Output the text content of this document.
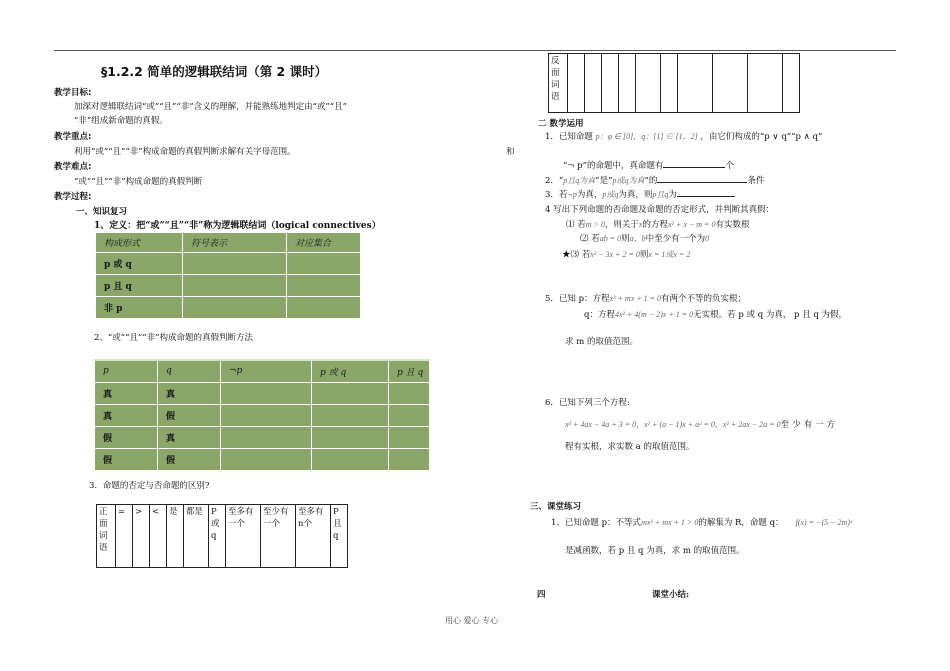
§1.2.2 简单的逻辑联结词（第 2 课时）
教学目标:
加深对逻辑联结词“或”“且”“非”含义的理解，并能熟练地判定由“或”“且”
“非”组成新命题的真假。
教学重点:
利用“或”“且”“非”构成命题的真假判断求解有关字母范围。	和
教学难点:
“或”“且”“非”构成命题的真假判断
教学过程:
一、知识复习
1、定义：把“或”“且”“非”称为逻辑联结词（logical connectives）
构成形式	符号表示	对应集合
p 或 q		
p 且 q		
非 p		
2、“或”“且”“非”构成命题的真假判断方法
p	q	¬p	p 或 q	p 且 q
真	真			
真	假			
假	真			
假	假			
3．命题的否定与否命题的区别?
正面词语	=	>	<	是	都是	P或q	至多有一个	至少有一个	至多有n个	P且q
反面词语										
二 数学运用
1．已知命题 p：φ ∈ [0]，q：[1] ∈ [1，2] ，由它们构成的“p ∨ q”“p ∧ q”
“¬ p”的命题中，真命题有	个
2．“p且q为真”是“p或q为真”的	条件
3．若¬p为真，p或q为真，则p且q为
4 写出下列命题的否命题及命题的否定形式，并判断其真假：
⑴ 若m > 0，则关于x的方程x² + x − m = 0有实数根
⑵ 若ab = 0则a、b中至少有一个为0
★⑶ 若x² − 3x + 2 = 0则x = 1或x = 2
5．已知 p：方程x² + mx + 1 = 0有两个不等的负实根；
q：方程4x² + 4(m − 2)x + 1 = 0无实根。若 p 或 q 为真， p 且 q 为假，
求 m 的取值范围。
6．已知下列三个方程:
x² + 4ax − 4a + 3 = 0，x² + (a − 1)x + a² = 0，x² + 2ax − 2a = 0至少有一方
程有实根，求实数 a 的取值范围。
三、课堂练习
1、已知命题 p：不等式mx² + mx + 1 > 0的解集为 R，命题 q： f(x) = −(5 − 2m)ˣ
是减函数，若 p 且 q 为真，求 m 的取值范围。
四	课堂小结:
用心 爱心 专心
